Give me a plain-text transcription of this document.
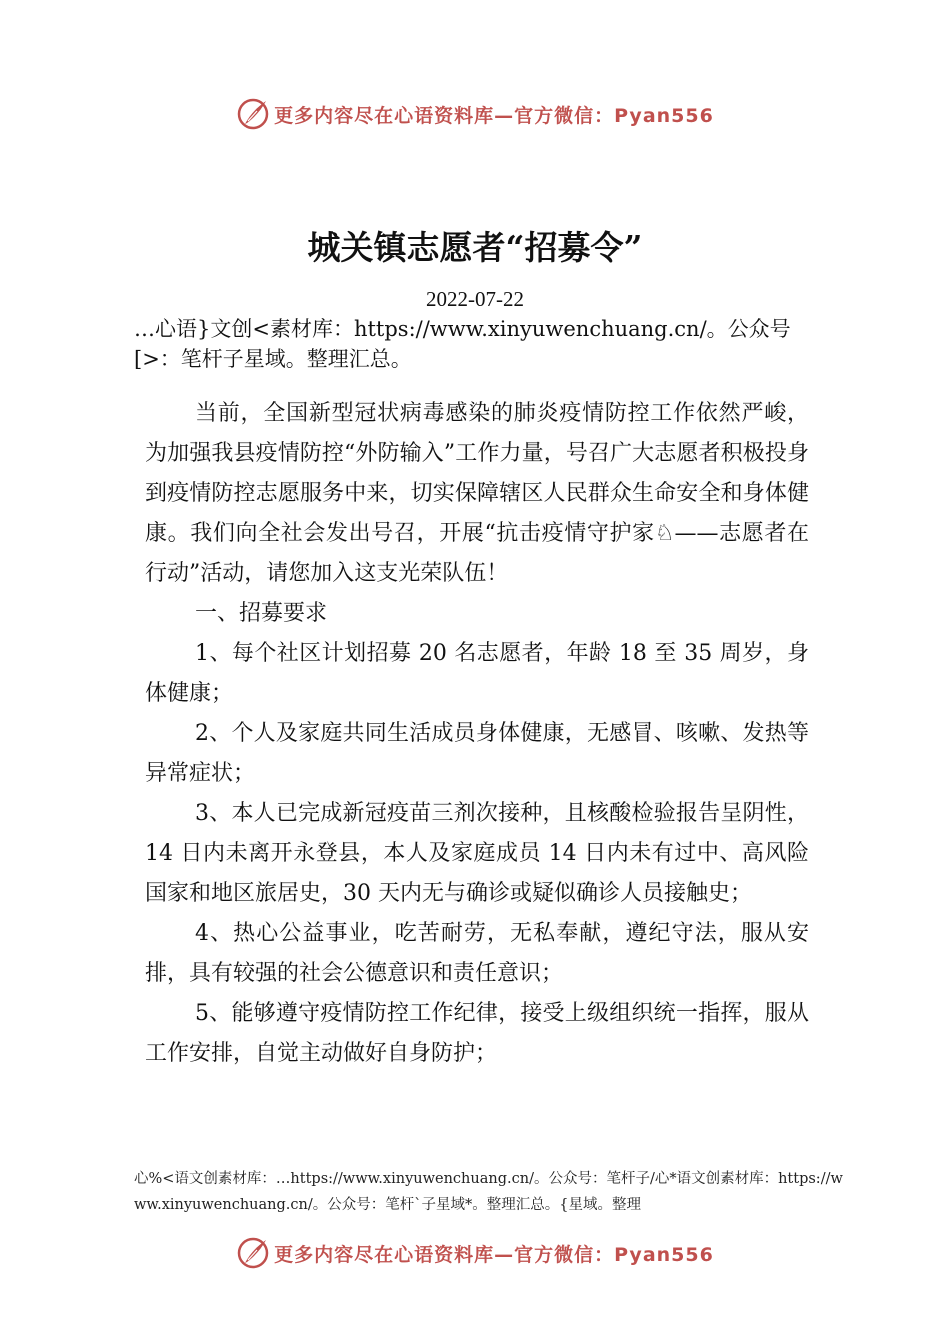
更多内容尽在心语资料库—官方微信：Pyan556
城关镇志愿者“招募令”
2022-07-22
…心语}文创<素材库：https://www.xinyuwenchuang.cn/。公众号[>：笔杆子星域。整理汇总。

当前，全国新型冠状病毒感染的肺炎疫情防控工作依然严峻，为加强我县疫情防控“外防输入”工作力量，号召广大志愿者积极投身到疫情防控志愿服务中来，切实保障辖区人民群众生命安全和身体健康。我们向全社会发出号召，开展“抗击疫情守护家♘——志愿者在行动”活动，请您加入这支光荣队伍！

一、招募要求

1、每个社区计划招募 20 名志愿者，年龄 18 至 35 周岁，身体健康；

2、个人及家庭共同生活成员身体健康，无感冒、咳嗽、发热等异常症状；

3、本人已完成新冠疫苗三剂次接种，且核酸检验报告呈阴性，14 日内未离开永登县，本人及家庭成员 14 日内未有过中、高风险国家和地区旅居史，30 天内无与确诊或疑似确诊人员接触史；

4、热心公益事业，吃苦耐劳，无私奉献，遵纪守法，服从安排，具有较强的社会公德意识和责任意识；

5、能够遵守疫情防控工作纪律，接受上级组织统一指挥，服从工作安排，自觉主动做好自身防护；

心%<语文创素材库：…https://www.xinyuwenchuang.cn/。公众号：笔杆子/心*语文创素材库：https://www.xinyuwenchuang.cn/。公众号：笔杆`子星域*。整理汇总。{星域。整理
更多内容尽在心语资料库—官方微信：Pyan556
